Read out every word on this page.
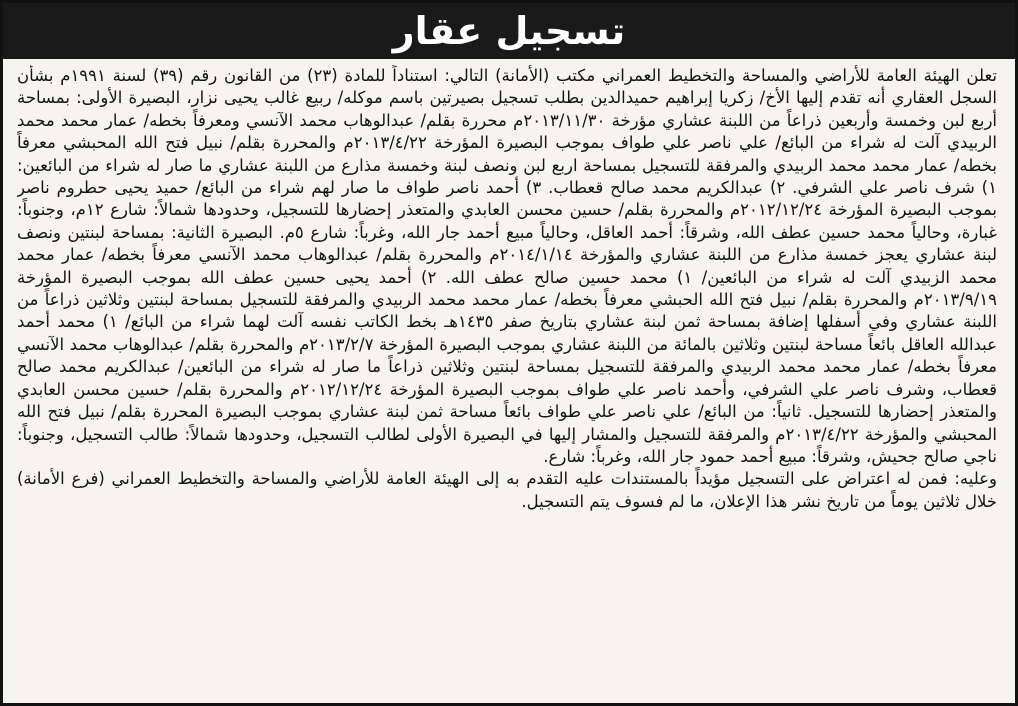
تسجيل عقار

تعلن الهيئة العامة للأراضي والمساحة والتخطيط العمراني مكتب (الأمانة) التالي: استناداً للمادة (٢٣) من القانون رقم (٣٩) لسنة ١٩٩١م بشأن السجل العقاري أنه تقدم إليها الأخ/ زكريا إبراهيم حميدالدين بطلب تسجيل بصيرتين باسم موكله/ ربيع غالب يحيى نزار، البصيرة الأولى: بمساحة أربع لبن وخمسة وأربعين ذراعاً من اللبنة عشاري مؤرخة ٢٠١٣/١١/٣٠م محررة بقلم/ عبدالوهاب محمد الآنسي ومعرفاً بخطه/ عمار محمد محمد الربيدي آلت له شراء من البائع/ علي ناصر علي طواف بموجب البصيرة المؤرخة ٢٠١٣/٤/٢٢م والمحررة بقلم/ نبيل فتح الله المحبشي معرفاً بخطه/ عمار محمد محمد الربيدي والمرفقة للتسجيل بمساحة اربع لبن ونصف لبنة وخمسة مذارع من اللبنة عشاري ما صار له شراء من البائعين: ١) شرف ناصر علي الشرفي. ٢) عبدالكريم محمد صالح قعطاب. ٣) أحمد ناصر طواف ما صار لهم شراء من البائع/ حميد يحيى حطروم ناصر بموجب البصيرة المؤرخة ٢٠١٢/١٢/٢٤م والمحررة بقلم/ حسين محسن العابدي والمتعذر إحضارها للتسجيل، وحدودها شمالاً: شارع ١٢م، وجنوباً: غبارة، وحالياً محمد حسين عطف الله، وشرقاً: أحمد العاقل، وحالياً مبيع أحمد جار الله، وغرباً: شارع ٥م. البصيرة الثانية: بمساحة لبنتين ونصف لبنة عشاري يعجز خمسة مذارع من اللبنة عشاري والمؤرخة ٢٠١٤/١/١٤م والمحررة بقلم/ عبدالوهاب محمد الآنسي معرفاً بخطه/ عمار محمد محمد الزبيدي آلت له شراء من البائعين/ ١) محمد حسين صالح عطف الله. ٢) أحمد يحيى حسين عطف الله بموجب البصيرة المؤرخة ٢٠١٣/٩/١٩م والمحررة بقلم/ نبيل فتح الله الحبشي معرفاً بخطه/ عمار محمد محمد الربيدي والمرفقة للتسجيل بمساحة لبنتين وثلاثين ذراعاً من اللبنة عشاري وفي أسفلها إضافة بمساحة ثمن لبنة عشاري بتاريخ صفر ١٤٣٥هـ بخط الكاتب نفسه آلت لهما شراء من البائع/ ١) محمد أحمد عبدالله العاقل بائعاً مساحة لبنتين وثلاثين بالمائة من اللبنة عشاري بموجب البصيرة المؤرخة ٢٠١٣/٢/٧م والمحررة بقلم/ عبدالوهاب محمد الآنسي معرفاً بخطه/ عمار محمد محمد الربيدي والمرفقة للتسجيل بمساحة لبنتين وثلاثين ذراعاً ما صار له شراء من البائعين/ عبدالكريم محمد صالح قعطاب، وشرف ناصر علي الشرفي، وأحمد ناصر علي طواف بموجب البصيرة المؤرخة ٢٠١٢/١٢/٢٤م والمحررة بقلم/ حسين محسن العابدي والمتعذر إحضارها للتسجيل. ثانياً: من البائع/ علي ناصر علي طواف بائعاً مساحة ثمن لبنة عشاري بموجب البصيرة المحررة بقلم/ نبيل فتح الله المحبشي والمؤرخة ٢٠١٣/٤/٢٢م والمرفقة للتسجيل والمشار إليها في البصيرة الأولى لطالب التسجيل، وحدودها شمالاً: طالب التسجيل، وجنوباً: ناجي صالح جحيش، وشرقاً: مبيع أحمد حمود جار الله، وغرباً: شارع.

وعليه: فمن له اعتراض على التسجيل مؤيداً بالمستندات عليه التقدم به إلى الهيئة العامة للأراضي والمساحة والتخطيط العمراني (فرع الأمانة) خلال ثلاثين يوماً من تاريخ نشر هذا الإعلان، ما لم فسوف يتم التسجيل.
